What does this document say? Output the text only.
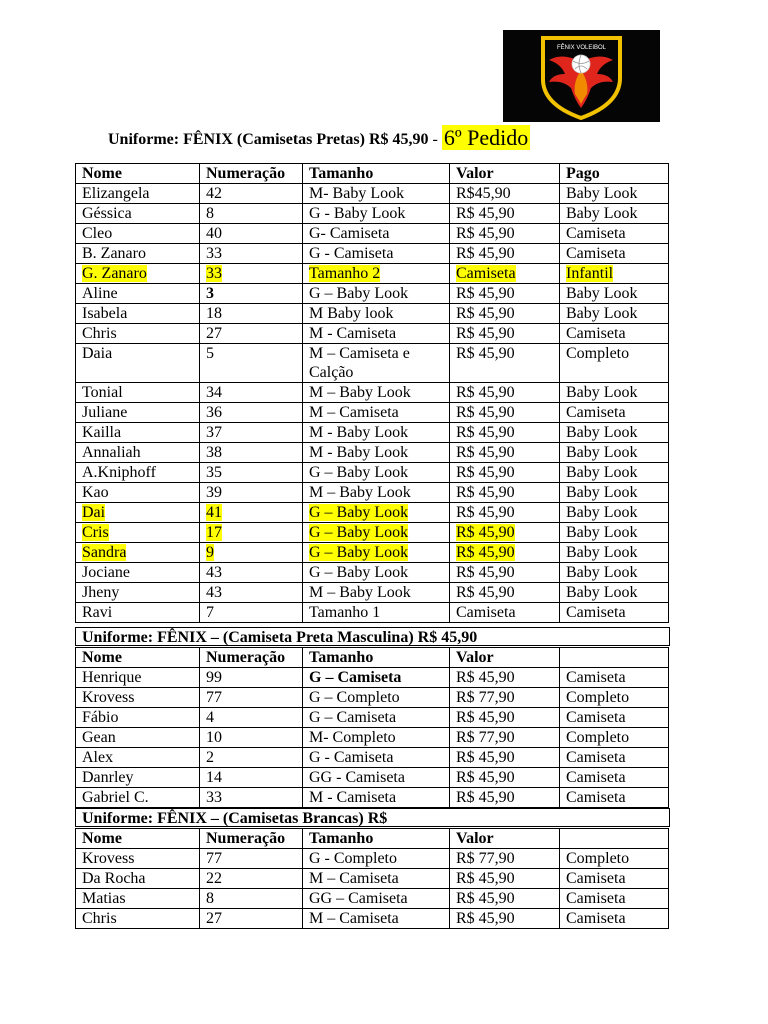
FÊNIX VOLEIBOL
Uniforme: FÊNIX (Camisetas Pretas) R$ 45,90 - 6º Pedido
Nome	Numeração	Tamanho	Valor	Pago
Elizangela	42	M- Baby Look	R$45,90	Baby Look
Géssica	8	G - Baby Look	R$ 45,90	Baby Look
Cleo	40	G- Camiseta	R$ 45,90	Camiseta
B. Zanaro	33	G - Camiseta	R$ 45,90	Camiseta
G. Zanaro	33	Tamanho 2	Camiseta	Infantil
Aline	3	G – Baby Look	R$ 45,90	Baby Look
Isabela	18	M Baby look	R$ 45,90	Baby Look
Chris	27	M - Camiseta	R$ 45,90	Camiseta
Daia	5	M – Camiseta e Calção	R$ 45,90	Completo
Tonial	34	M – Baby Look	R$ 45,90	Baby Look
Juliane	36	M – Camiseta	R$ 45,90	Camiseta
Kailla	37	M - Baby Look	R$ 45,90	Baby Look
Annaliah	38	M - Baby Look	R$ 45,90	Baby Look
A.Kniphoff	35	G – Baby Look	R$ 45,90	Baby Look
Kao	39	M – Baby Look	R$ 45,90	Baby Look
Dai	41	G – Baby Look	R$ 45,90	Baby Look
Cris	17	G – Baby Look	R$ 45,90	Baby Look
Sandra	9	G – Baby Look	R$ 45,90	Baby Look
Jociane	43	G – Baby Look	R$ 45,90	Baby Look
Jheny	43	M – Baby Look	R$ 45,90	Baby Look
Ravi	7	Tamanho 1	Camiseta	Camiseta
Uniforme: FÊNIX – (Camiseta Preta Masculina) R$ 45,90
Nome	Numeração	Tamanho	Valor	
Henrique	99	G – Camiseta	R$ 45,90	Camiseta
Krovess	77	G – Completo	R$ 77,90	Completo
Fábio	4	G – Camiseta	R$ 45,90	Camiseta
Gean	10	M- Completo	R$ 77,90	Completo
Alex	2	G - Camiseta	R$ 45,90	Camiseta
Danrley	14	GG - Camiseta	R$ 45,90	Camiseta
Gabriel C.	33	M - Camiseta	R$ 45,90	Camiseta
Uniforme: FÊNIX – (Camisetas Brancas) R$
Nome	Numeração	Tamanho	Valor	
Krovess	77	G - Completo	R$ 77,90	Completo
Da Rocha	22	M – Camiseta	R$ 45,90	Camiseta
Matias	8	GG – Camiseta	R$ 45,90	Camiseta
Chris	27	M – Camiseta	R$ 45,90	Camiseta
